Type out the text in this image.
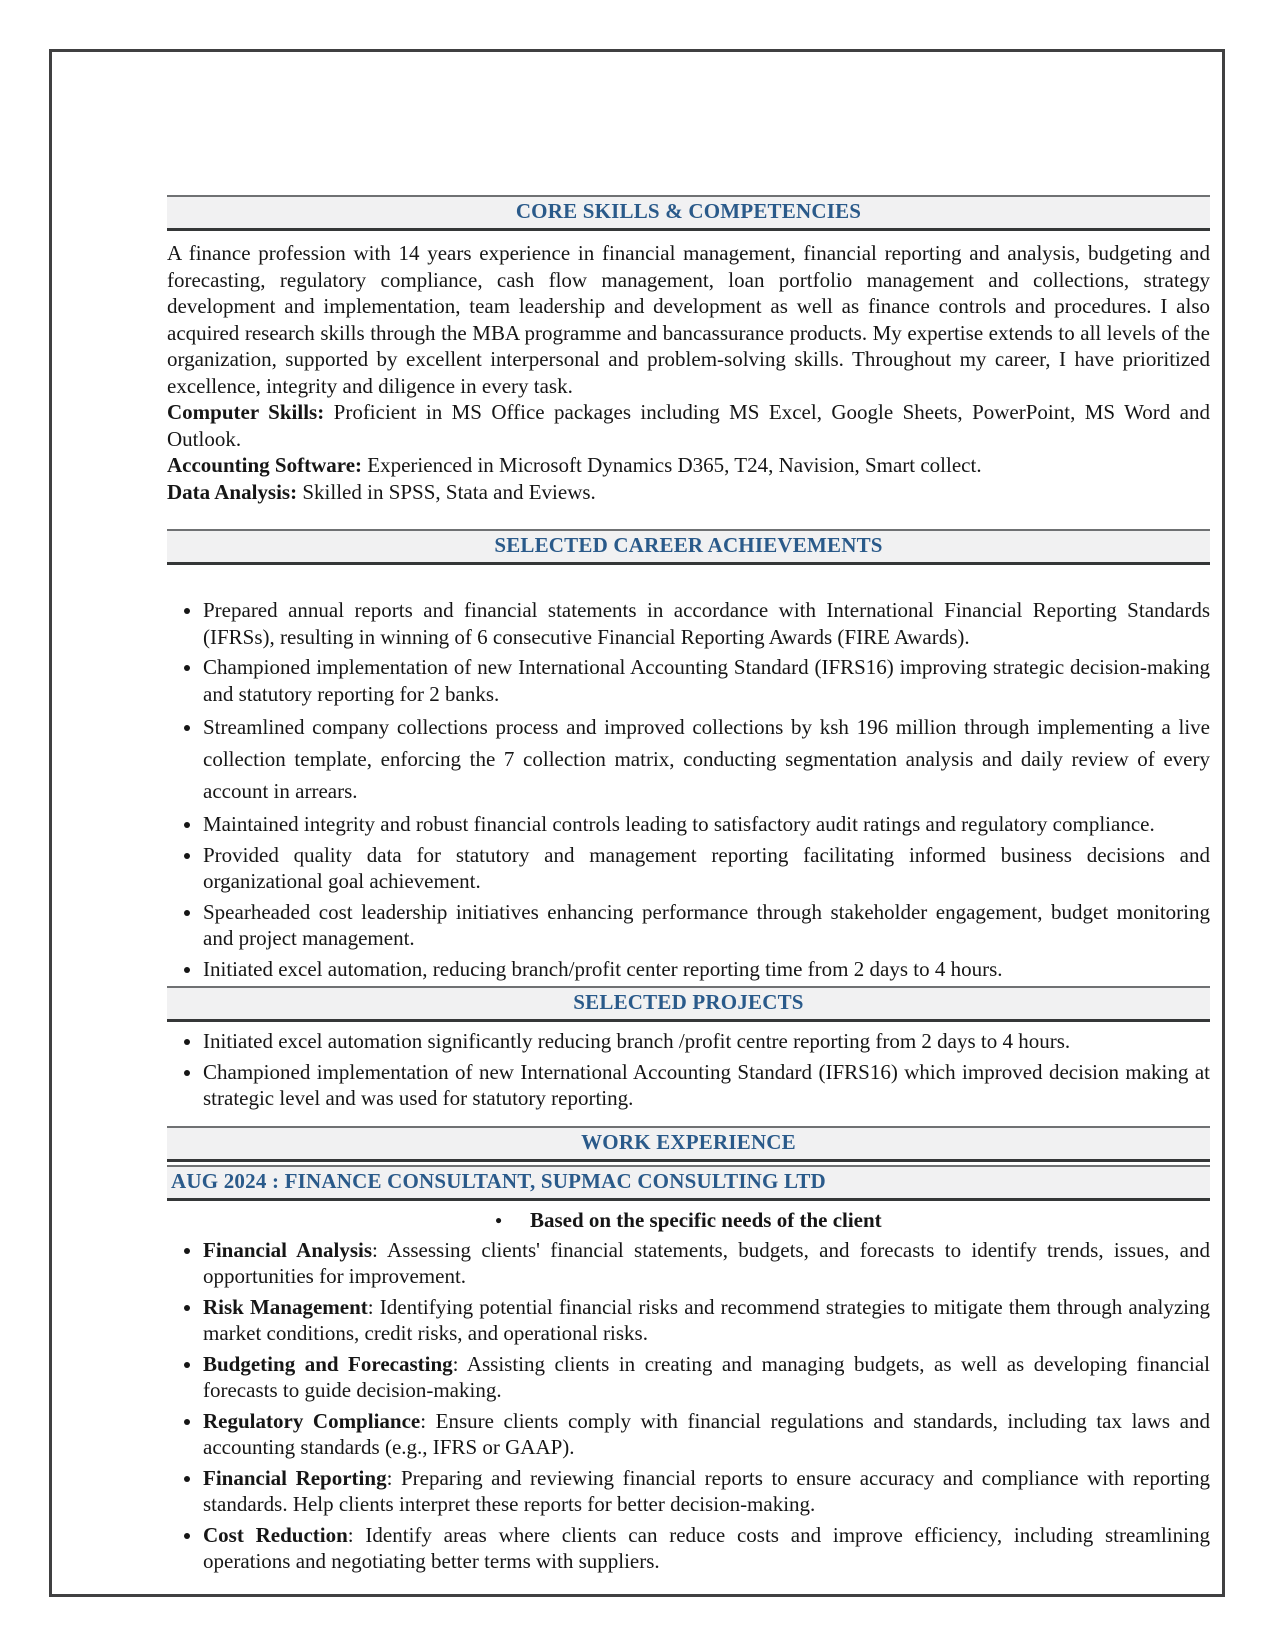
CORE SKILLS & COMPETENCIES

A finance profession with 14 years experience in financial management, financial reporting and analysis, budgeting and forecasting, regulatory compliance, cash flow management, loan portfolio management and collections, strategy development and implementation, team leadership and development as well as finance controls and procedures. I also acquired research skills through the MBA programme and bancassurance products. My expertise extends to all levels of the organization, supported by excellent interpersonal and problem-solving skills. Throughout my career, I have prioritized excellence, integrity and diligence in every task.

Computer Skills: Proficient in MS Office packages including MS Excel, Google Sheets, PowerPoint, MS Word and Outlook.
Accounting Software: Experienced in Microsoft Dynamics D365, T24, Navision, Smart collect.
Data Analysis: Skilled in SPSS, Stata and Eviews.
SELECTED CAREER ACHIEVEMENTS
• Prepared annual reports and financial statements in accordance with International Financial Reporting Standards (IFRSs), resulting in winning of 6 consecutive Financial Reporting Awards (FIRE Awards).
• Championed implementation of new International Accounting Standard (IFRS16) improving strategic decision-making and statutory reporting for 2 banks.
• Streamlined company collections process and improved collections by ksh 196 million through implementing a live collection template, enforcing the 7 collection matrix, conducting segmentation analysis and daily review of every account in arrears.
• Maintained integrity and robust financial controls leading to satisfactory audit ratings and regulatory compliance.
• Provided quality data for statutory and management reporting facilitating informed business decisions and organizational goal achievement.
• Spearheaded cost leadership initiatives enhancing performance through stakeholder engagement, budget monitoring and project management.
• Initiated excel automation, reducing branch/profit center reporting time from 2 days to 4 hours.
SELECTED PROJECTS
• Initiated excel automation significantly reducing branch /profit centre reporting from 2 days to 4 hours.
• Championed implementation of new International Accounting Standard (IFRS16) which improved decision making at strategic level and was used for statutory reporting.
WORK EXPERIENCE
AUG 2024 : FINANCE CONSULTANT, SUPMAC CONSULTING LTD
• Based on the specific needs of the client
• Financial Analysis: Assessing clients' financial statements, budgets, and forecasts to identify trends, issues, and opportunities for improvement.
• Risk Management: Identifying potential financial risks and recommend strategies to mitigate them through analyzing market conditions, credit risks, and operational risks.
• Budgeting and Forecasting: Assisting clients in creating and managing budgets, as well as developing financial forecasts to guide decision-making.
• Regulatory Compliance: Ensure clients comply with financial regulations and standards, including tax laws and accounting standards (e.g., IFRS or GAAP).
• Financial Reporting: Preparing and reviewing financial reports to ensure accuracy and compliance with reporting standards. Help clients interpret these reports for better decision-making.
• Cost Reduction: Identify areas where clients can reduce costs and improve efficiency, including streamlining operations and negotiating better terms with suppliers.
